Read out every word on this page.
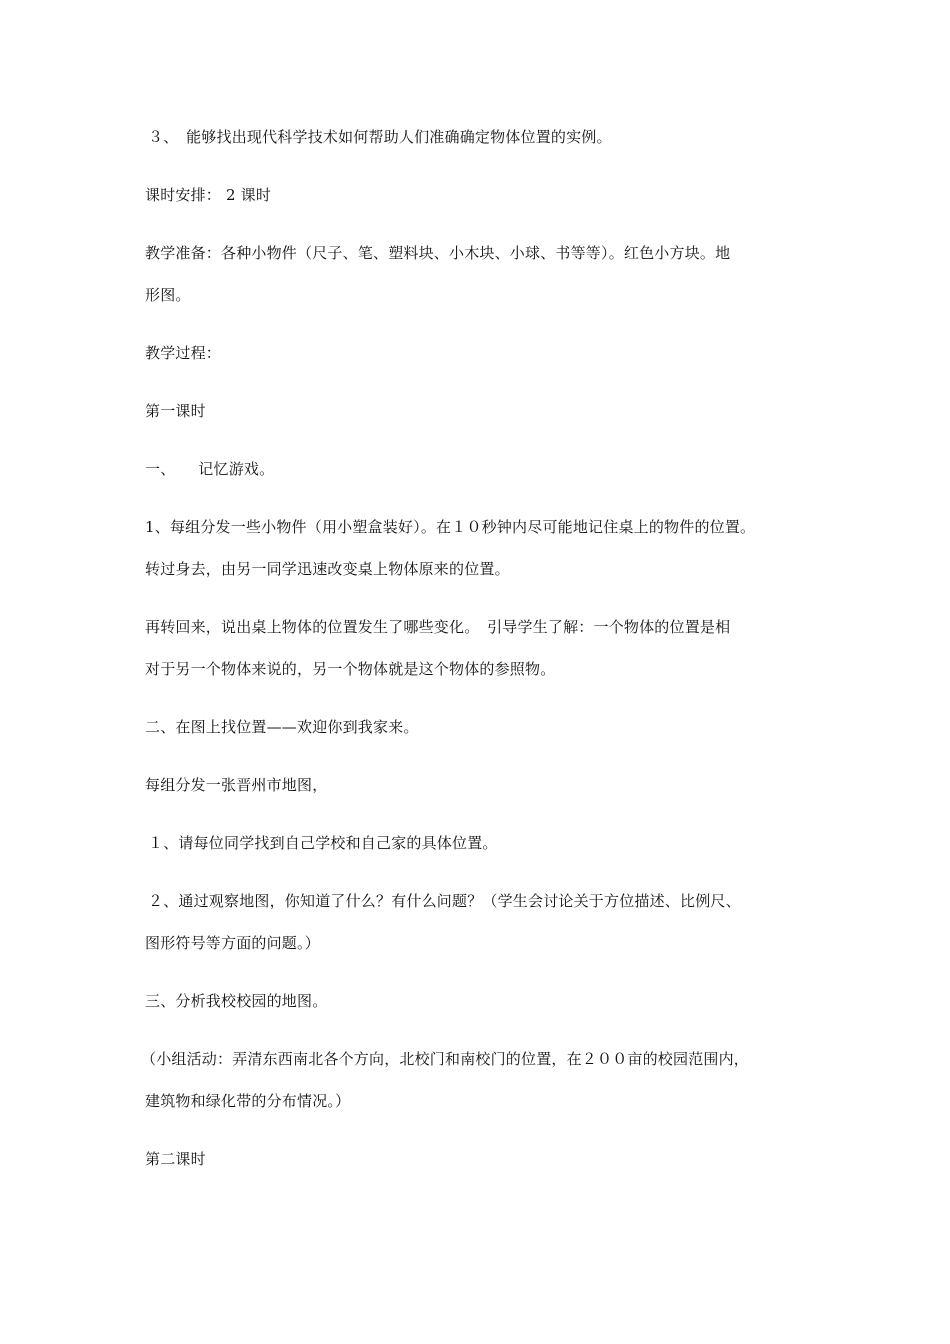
３、　能够找出现代科学技术如何帮助人们准确确定物体位置的实例。
课时安排： 2 课时
教学准备：各种小物件（尺子、笔、塑料块、小木块、小球、书等等）。红色小方块。地
形图。
教学过程：
第一课时
一、　　记忆游戏。
1、每组分发一些小物件（用小塑盒装好）。在１０秒钟内尽可能地记住桌上的物件的位置。
转过身去，由另一同学迅速改变桌上物体原来的位置。
再转回来，说出桌上物体的位置发生了哪些变化。　引导学生了解：一个物体的位置是相
对于另一个物体来说的，另一个物体就是这个物体的参照物。
二、在图上找位置——欢迎你到我家来。
每组分发一张晋州市地图，
１、请每位同学找到自己学校和自己家的具体位置。
２、通过观察地图，你知道了什么？有什么问题？（学生会讨论关于方位描述、比例尺、
图形符号等方面的问题。）
三、分析我校校园的地图。
（小组活动：弄清东西南北各个方向，北校门和南校门的位置，在２００亩的校园范围内，
建筑物和绿化带的分布情况。）
第二课时
